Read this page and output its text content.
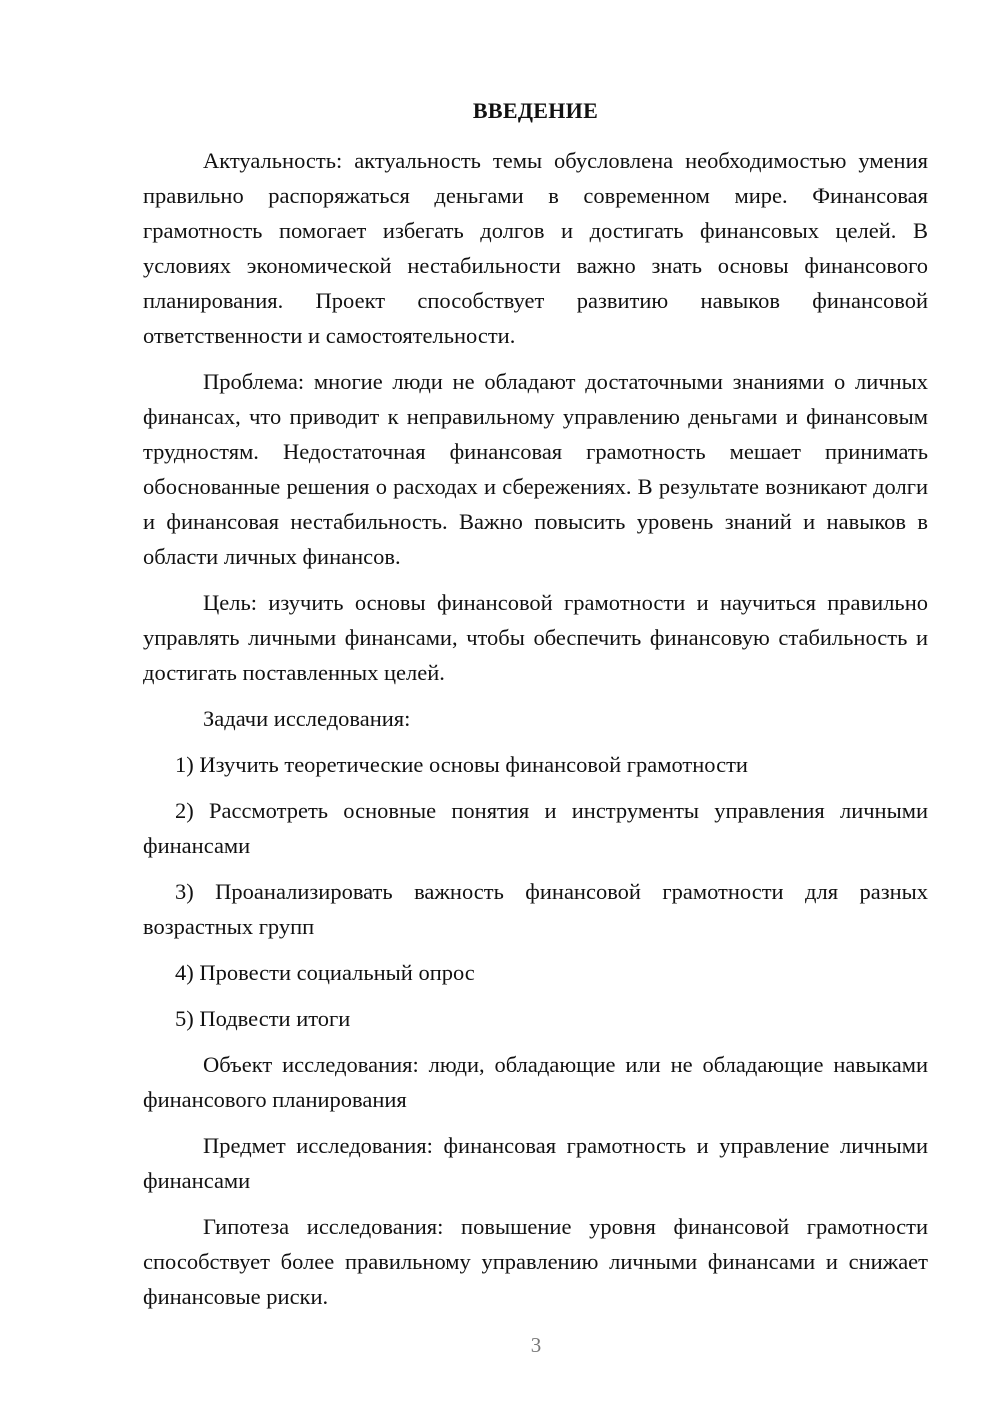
ВВЕДЕНИЕ

Актуальность: актуальность темы обусловлена необходимостью умения правильно распоряжаться деньгами в современном мире. Финансовая грамотность помогает избегать долгов и достигать финансовых целей. В условиях экономической нестабильности важно знать основы финансового планирования. Проект способствует развитию навыков финансовой ответственности и самостоятельности.

Проблема: многие люди не обладают достаточными знаниями о личных финансах, что приводит к неправильному управлению деньгами и финансовым трудностям. Недостаточная финансовая грамотность мешает принимать обоснованные решения о расходах и сбережениях. В результате возникают долги и финансовая нестабильность. Важно повысить уровень знаний и навыков в области личных финансов.

Цель: изучить основы финансовой грамотности и научиться правильно управлять личными финансами, чтобы обеспечить финансовую стабильность и достигать поставленных целей.

Задачи исследования:

1) Изучить теоретические основы финансовой грамотности

2) Рассмотреть основные понятия и инструменты управления личными финансами

3) Проанализировать важность финансовой грамотности для разных возрастных групп

4) Провести социальный опрос

5) Подвести итоги

Объект исследования: люди, обладающие или не обладающие навыками финансового планирования

Предмет исследования: финансовая грамотность и управление личными финансами

Гипотеза исследования: повышение уровня финансовой грамотности способствует более правильному управлению личными финансами и снижает финансовые риски.

3
